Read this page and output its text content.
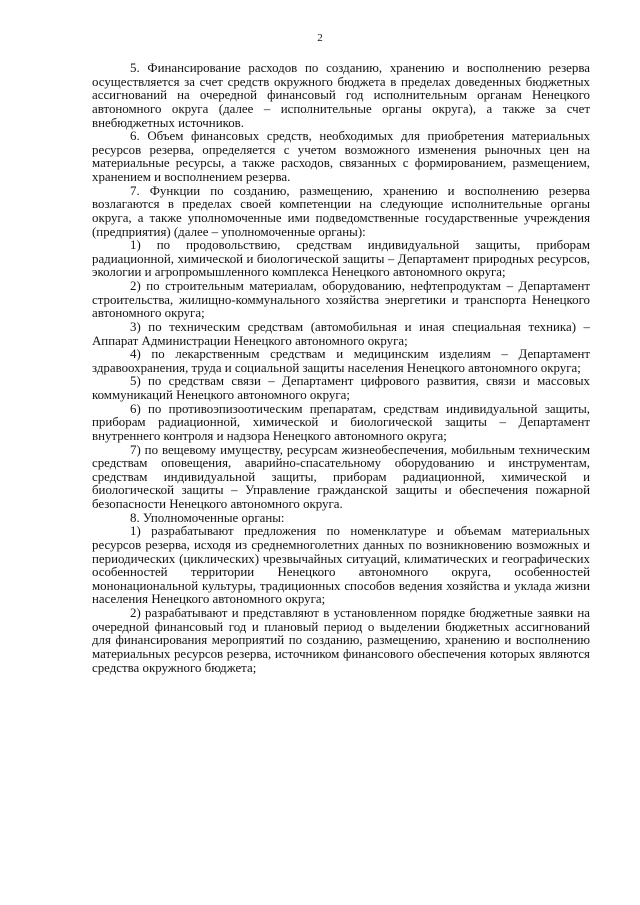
2

5. Финансирование расходов по созданию, хранению и восполнению резерва осуществляется за счет средств окружного бюджета в пределах доведенных бюджетных ассигнований на очередной финансовый год исполнительным органам Ненецкого автономного округа (далее – исполнительные органы округа), а также за счет внебюджетных источников.

6. Объем финансовых средств, необходимых для приобретения материальных ресурсов резерва, определяется с учетом возможного изменения рыночных цен на материальные ресурсы, а также расходов, связанных с формированием, размещением, хранением и восполнением резерва.

7. Функции по созданию, размещению, хранению и восполнению резерва возлагаются в пределах своей компетенции на следующие исполнительные органы округа, а также уполномоченные ими подведомственные государственные учреждения (предприятия) (далее – уполномоченные органы):

1) по продовольствию, средствам индивидуальной защиты, приборам радиационной, химической и биологической защиты – Департамент природных ресурсов, экологии и агропромышленного комплекса Ненецкого автономного округа;

2) по строительным материалам, оборудованию, нефтепродуктам – Департамент строительства, жилищно-коммунального хозяйства энергетики и транспорта Ненецкого автономного округа;

3) по техническим средствам (автомобильная и иная специальная техника) – Аппарат Администрации Ненецкого автономного округа;

4) по лекарственным средствам и медицинским изделиям – Департамент здравоохранения, труда и социальной защиты населения Ненецкого автономного округа;

5) по средствам связи – Департамент цифрового развития, связи и массовых коммуникаций Ненецкого автономного округа;

6) по противоэпизоотическим препаратам, средствам индивидуальной защиты, приборам радиационной, химической и биологической защиты – Департамент внутреннего контроля и надзора Ненецкого автономного округа;

7) по вещевому имуществу, ресурсам жизнеобеспечения, мобильным техническим средствам оповещения, аварийно-спасательному оборудованию и инструментам, средствам индивидуальной защиты, приборам радиационной, химической и биологической защиты – Управление гражданской защиты и обеспечения пожарной безопасности Ненецкого автономного округа.

8. Уполномоченные органы:

1) разрабатывают предложения по номенклатуре и объемам материальных ресурсов резерва, исходя из среднемноголетних данных по возникновению возможных и периодических (циклических) чрезвычайных ситуаций, климатических и географических особенностей территории Ненецкого автономного округа, особенностей мононациональной культуры, традиционных способов ведения хозяйства и уклада жизни населения Ненецкого автономного округа;

2) разрабатывают и представляют в установленном порядке бюджетные заявки на очередной финансовый год и плановый период о выделении бюджетных ассигнований для финансирования мероприятий по созданию, размещению, хранению и восполнению материальных ресурсов резерва, источником финансового обеспечения которых являются средства окружного бюджета;
